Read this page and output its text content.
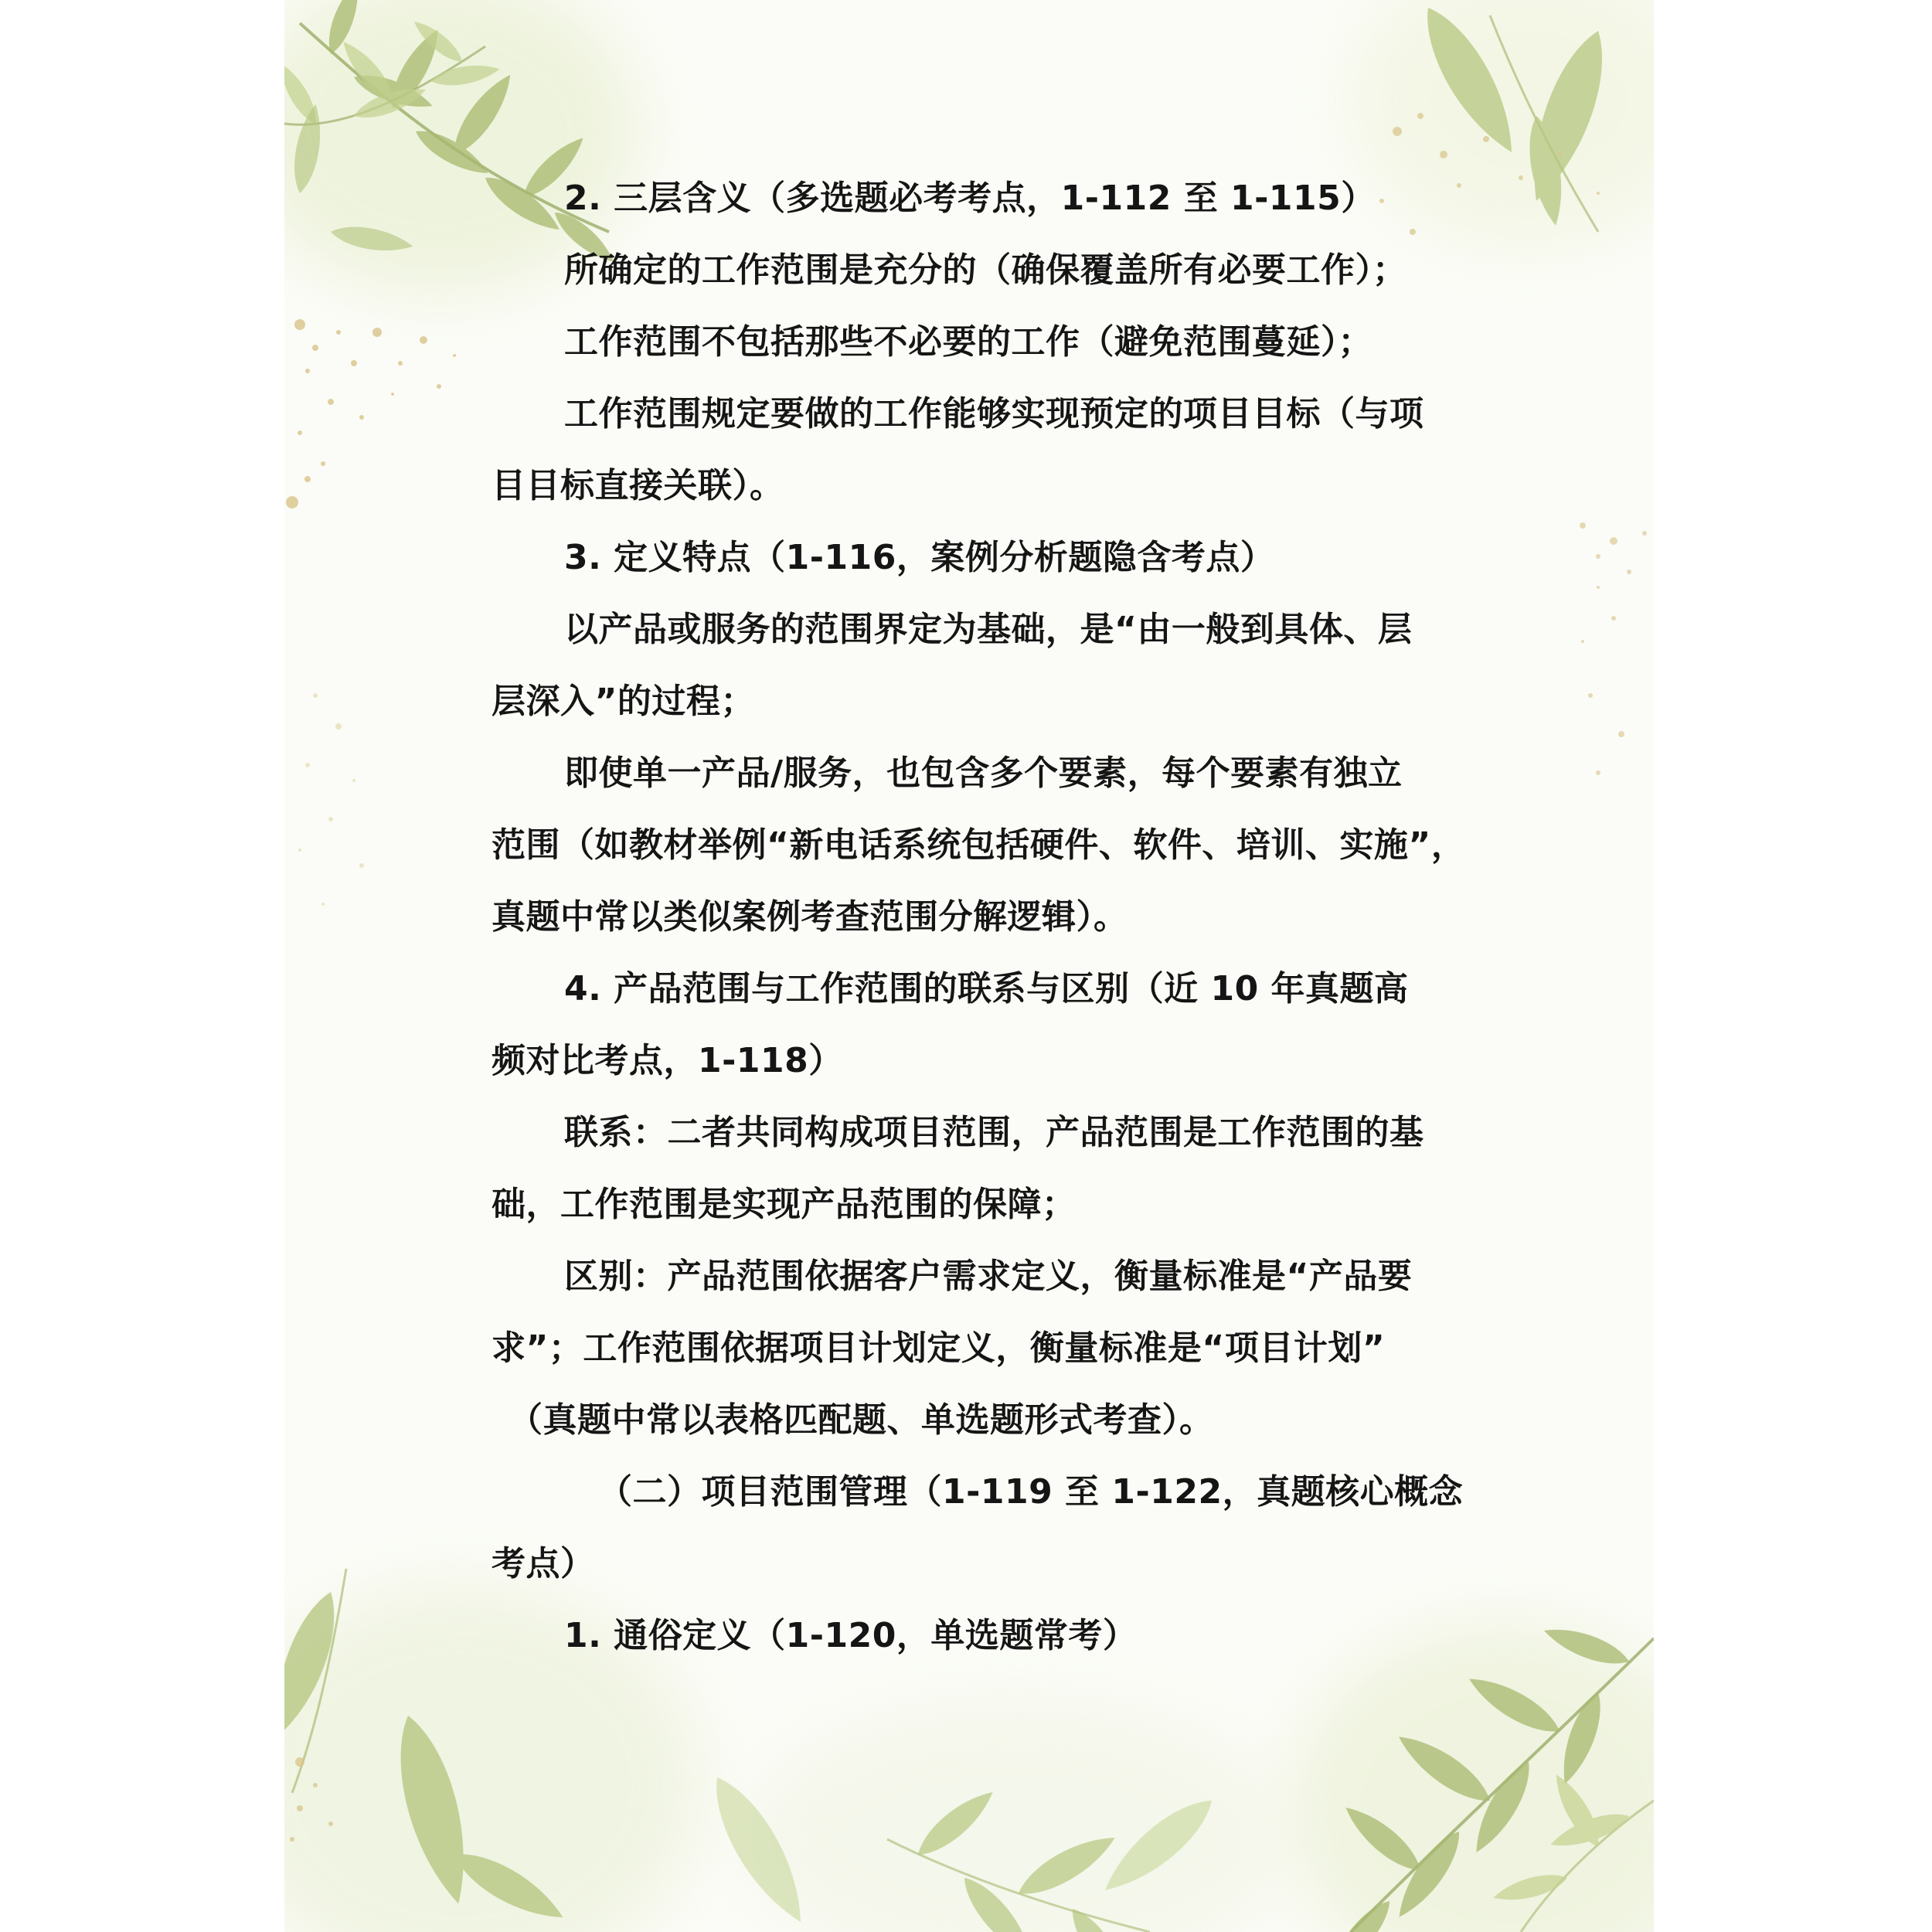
2. 三层含义（多选题必考考点，1-112 至 1-115）

所确定的工作范围是充分的（确保覆盖所有必要工作）；

工作范围不包括那些不必要的工作（避免范围蔓延）；

工作范围规定要做的工作能够实现预定的项目目标（与项
目目标直接关联）。

3. 定义特点（1-116，案例分析题隐含考点）

以产品或服务的范围界定为基础，是“由一般到具体、层
层深入”的过程；

即使单一产品/服务，也包含多个要素，每个要素有独立
范围（如教材举例“新电话系统包括硬件、软件、培训、实施”，
真题中常以类似案例考查范围分解逻辑）。

4. 产品范围与工作范围的联系与区别（近 10 年真题高
频对比考点，1-118）

联系：二者共同构成项目范围，产品范围是工作范围的基
础，工作范围是实现产品范围的保障；

区别：产品范围依据客户需求定义，衡量标准是“产品要
求”；工作范围依据项目计划定义，衡量标准是“项目计划”
（真题中常以表格匹配题、单选题形式考查）。

（二）项目范围管理（1-119 至 1-122，真题核心概念
考点）

1. 通俗定义（1-120，单选题常考）
